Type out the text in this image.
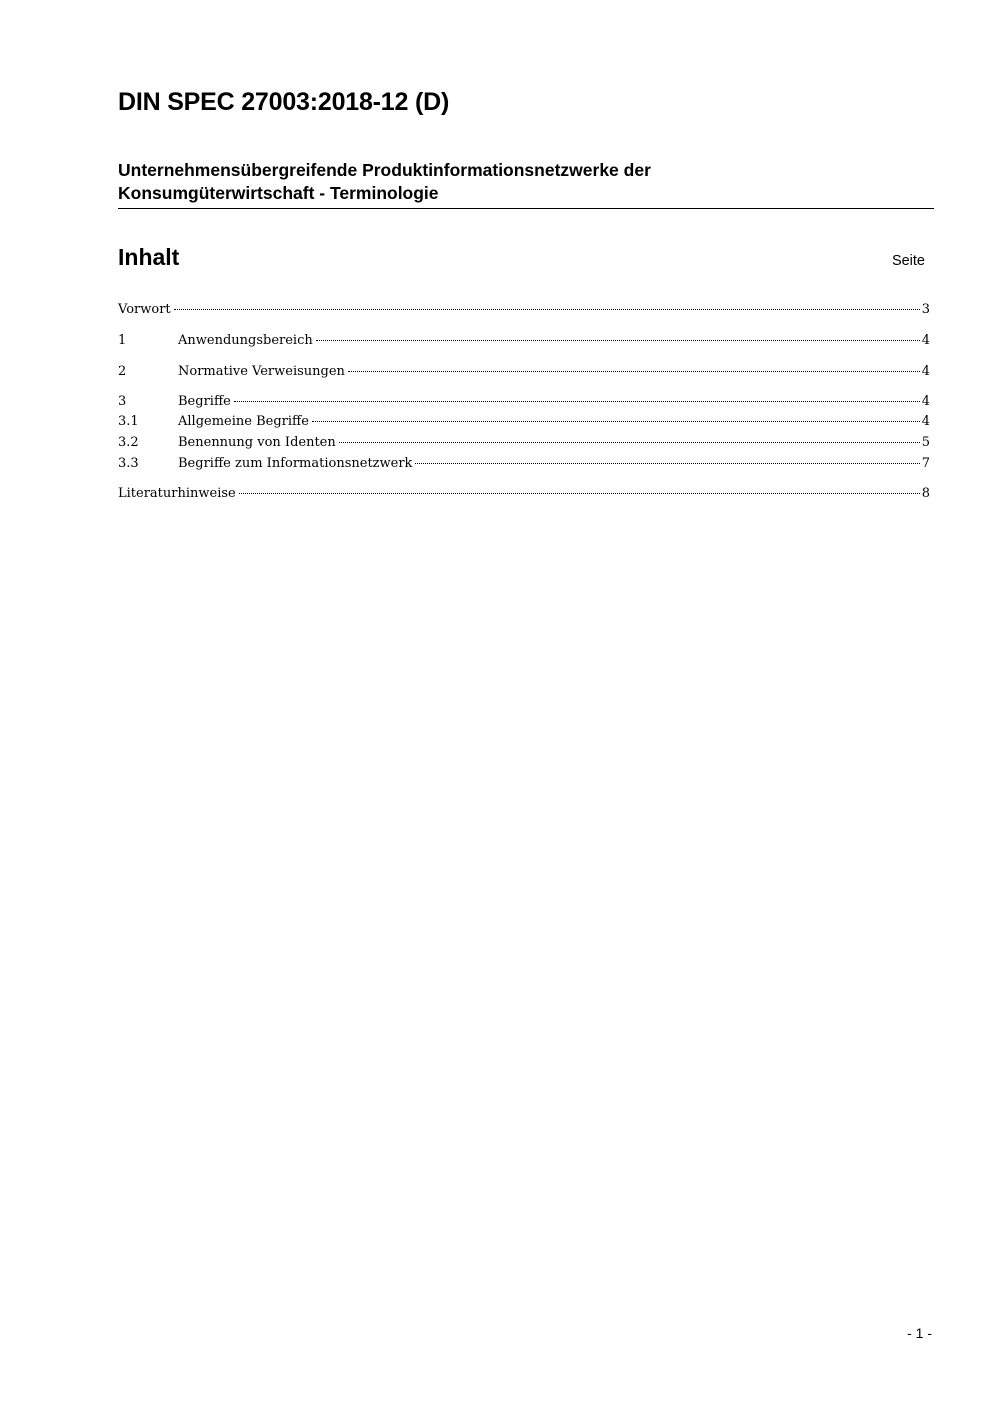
DIN SPEC 27003:2018-12 (D)
Unternehmensübergreifende Produktinformationsnetzwerke der
Konsumgüterwirtschaft - Terminologie
Inhalt	Seite
Vorwort	3
1	Anwendungsbereich	4
2	Normative Verweisungen	4
3	Begriffe	4
3.1	Allgemeine Begriffe	4
3.2	Benennung von Identen	5
3.3	Begriffe zum Informationsnetzwerk	7
Literaturhinweise	8
- 1 -
